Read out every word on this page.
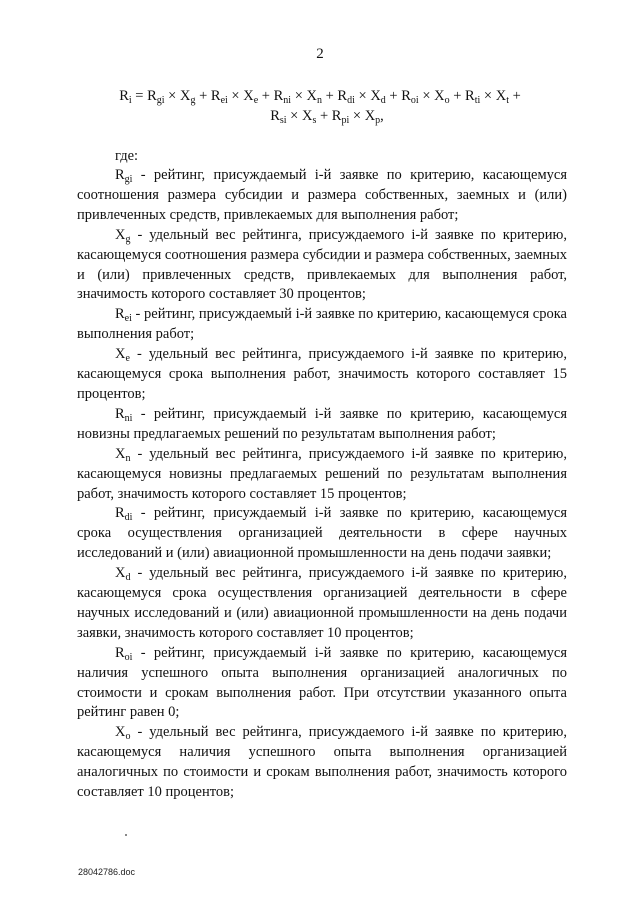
2
$R_i = R_{gi} \times X_g + R_{ei} \times X_e + R_{ni} \times X_n + R_{di} \times X_d + R_{oi} \times X_o + R_{ti} \times X_t$ +
$R_{si} \times X_s + R_{pi} \times X_p$,
где:

$R_{gi}$ - рейтинг, присуждаемый i-й заявке по критерию, касающемуся соотношения размера субсидии и размера собственных, заемных и (или) привлеченных средств, привлекаемых для выполнения работ;

$X_g$ - удельный вес рейтинга, присуждаемого i-й заявке по критерию, касающемуся соотношения размера субсидии и размера собственных, заемных и (или) привлеченных средств, привлекаемых для выполнения работ, значимость которого составляет 30 процентов;

$R_{ei}$ - рейтинг, присуждаемый i-й заявке по критерию, касающемуся срока выполнения работ;

$X_e$ - удельный вес рейтинга, присуждаемого i-й заявке по критерию, касающемуся срока выполнения работ, значимость которого составляет 15 процентов;

$R_{ni}$ - рейтинг, присуждаемый i-й заявке по критерию, касающемуся новизны предлагаемых решений по результатам выполнения работ;

$X_n$ - удельный вес рейтинга, присуждаемого i-й заявке по критерию, касающемуся новизны предлагаемых решений по результатам выполнения работ, значимость которого составляет 15 процентов;

$R_{di}$ - рейтинг, присуждаемый i-й заявке по критерию, касающемуся срока осуществления организацией деятельности в сфере научных исследований и (или) авиационной промышленности на день подачи заявки;

$X_d$ - удельный вес рейтинга, присуждаемого i-й заявке по критерию, касающемуся срока осуществления организацией деятельности в сфере научных исследований и (или) авиационной промышленности на день подачи заявки, значимость которого составляет 10 процентов;

$R_{oi}$ - рейтинг, присуждаемый i-й заявке по критерию, касающемуся наличия успешного опыта выполнения организацией аналогичных по стоимости и срокам выполнения работ. При отсутствии указанного опыта рейтинг равен 0;

$X_o$ - удельный вес рейтинга, присуждаемого i-й заявке по критерию, касающемуся наличия успешного опыта выполнения организацией аналогичных по стоимости и срокам выполнения работ, значимость которого составляет 10 процентов;

28042786.doc
